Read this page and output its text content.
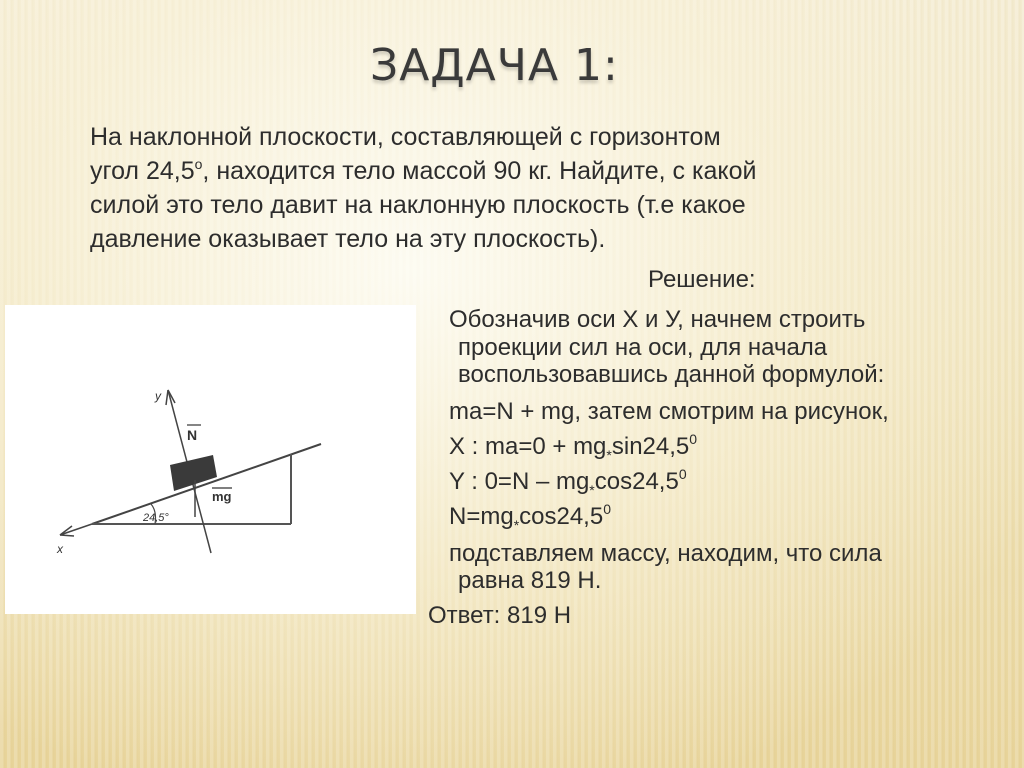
ЗАДАЧА 1:
На наклонной плоскости, составляющей с горизонтом
угол 24,5$^o$, находится тело массой 90 кг. Найдите, с какой
силой это тело давит на наклонную плоскость (т.е какое
давление оказывает тело на эту плоскость).
Решение:
Обозначив оси X и У, начнем строить
проекции сил на оси, для начала
воспользовавшись данной формулой:
ma=N + mg, затем смотрим на рисунок,
X : $ma=0 + mg_*\sin 24,5^0$
Y : $0=N - mg_*\cos 24,5^0$
$N=mg_*\cos 24,5^0$
подставляем массу, находим, что сила
равна 819 Н.
Ответ: 819 Н
x
y
N
mg
24,5°
